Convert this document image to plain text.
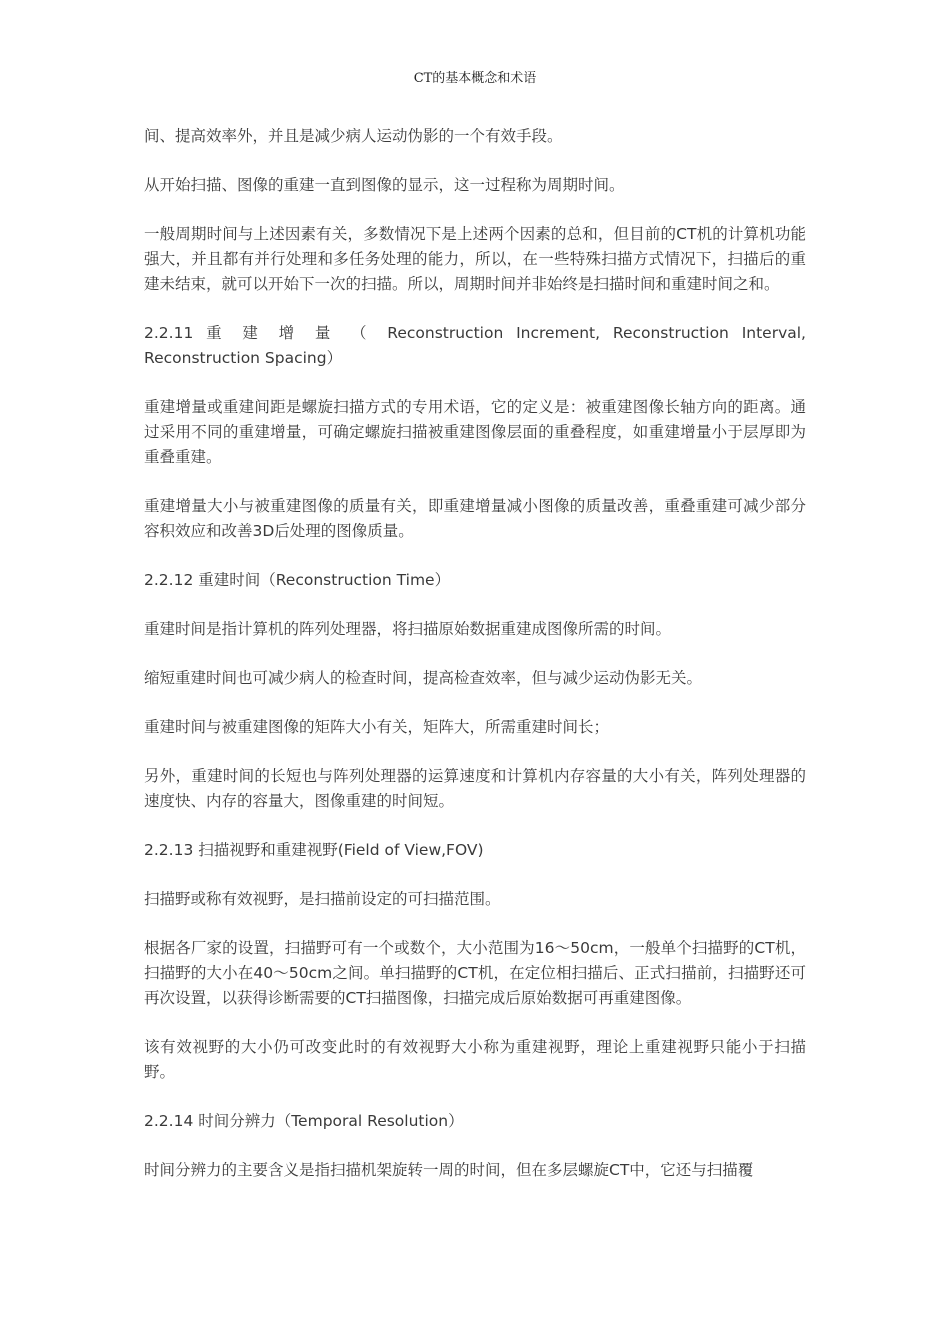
CT的基本概念和术语

间、提高效率外，并且是减少病人运动伪影的一个有效手段。

从开始扫描、图像的重建一直到图像的显示，这一过程称为周期时间。

一般周期时间与上述因素有关，多数情况下是上述两个因素的总和，但目前的CT机的计算机功能强大，并且都有并行处理和多任务处理的能力，所以，在一些特殊扫描方式情况下，扫描后的重建未结束，就可以开始下一次的扫描。所以，周期时间并非始终是扫描时间和重建时间之和。

2.2.11 重 建 增 量 （ Reconstruction Increment, Reconstruction Interval, Reconstruction Spacing）

重建增量或重建间距是螺旋扫描方式的专用术语，它的定义是：被重建图像长轴方向的距离。通过采用不同的重建增量，可确定螺旋扫描被重建图像层面的重叠程度，如重建增量小于层厚即为重叠重建。

重建增量大小与被重建图像的质量有关，即重建增量减小图像的质量改善，重叠重建可减少部分容积效应和改善3D后处理的图像质量。

2.2.12 重建时间（Reconstruction Time）

重建时间是指计算机的阵列处理器，将扫描原始数据重建成图像所需的时间。

缩短重建时间也可减少病人的检查时间，提高检查效率，但与减少运动伪影无关。

重建时间与被重建图像的矩阵大小有关，矩阵大，所需重建时间长；

另外，重建时间的长短也与阵列处理器的运算速度和计算机内存容量的大小有关，阵列处理器的速度快、内存的容量大，图像重建的时间短。

2.2.13 扫描视野和重建视野(Field of View,FOV)

扫描野或称有效视野，是扫描前设定的可扫描范围。

根据各厂家的设置，扫描野可有一个或数个，大小范围为16～50cm，一般单个扫描野的CT机，扫描野的大小在40～50cm之间。单扫描野的CT机，在定位相扫描后、正式扫描前，扫描野还可再次设置，以获得诊断需要的CT扫描图像，扫描完成后原始数据可再重建图像。

该有效视野的大小仍可改变此时的有效视野大小称为重建视野，理论上重建视野只能小于扫描野。

2.2.14 时间分辨力（Temporal Resolution）

时间分辨力的主要含义是指扫描机架旋转一周的时间，但在多层螺旋CT中，它还与扫描覆
